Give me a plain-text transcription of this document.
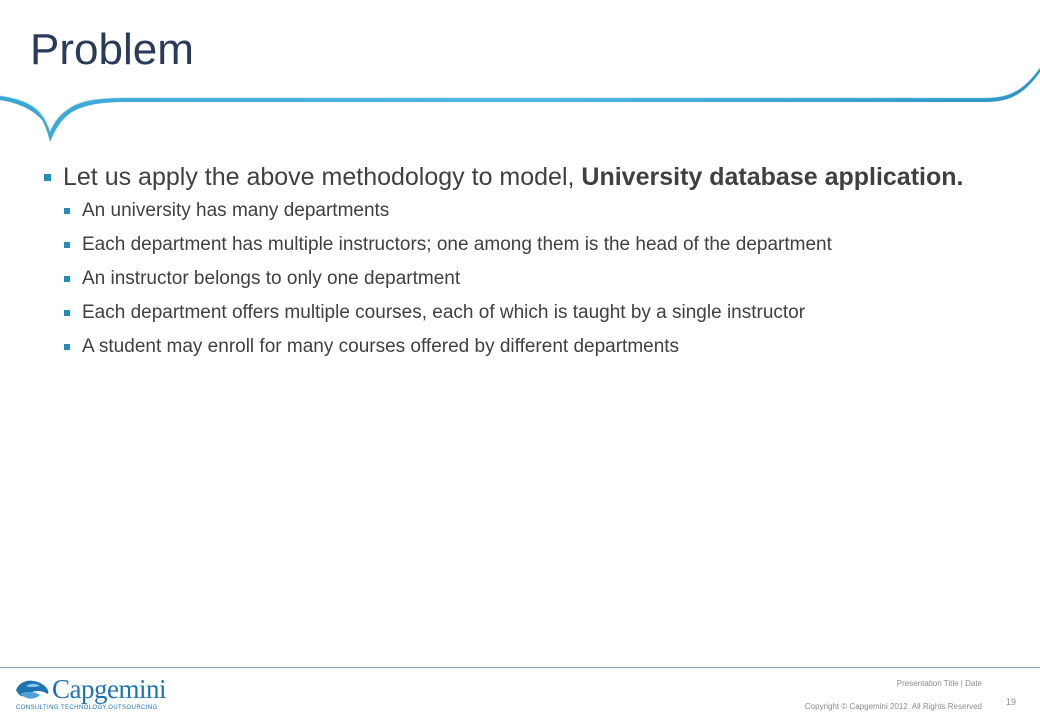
Problem
Let us apply the above methodology to model, University database application.
An university has many departments
Each department has multiple instructors; one among them is the head of the department
An instructor belongs to only one department
Each department offers multiple courses, each of which is taught by a single instructor
A student may enroll for many courses offered by different departments
Capgemini
CONSULTING.TECHNOLOGY.OUTSOURCING
Presentation Title | Date
Copyright © Capgemini 2012. All Rights Reserved	19
